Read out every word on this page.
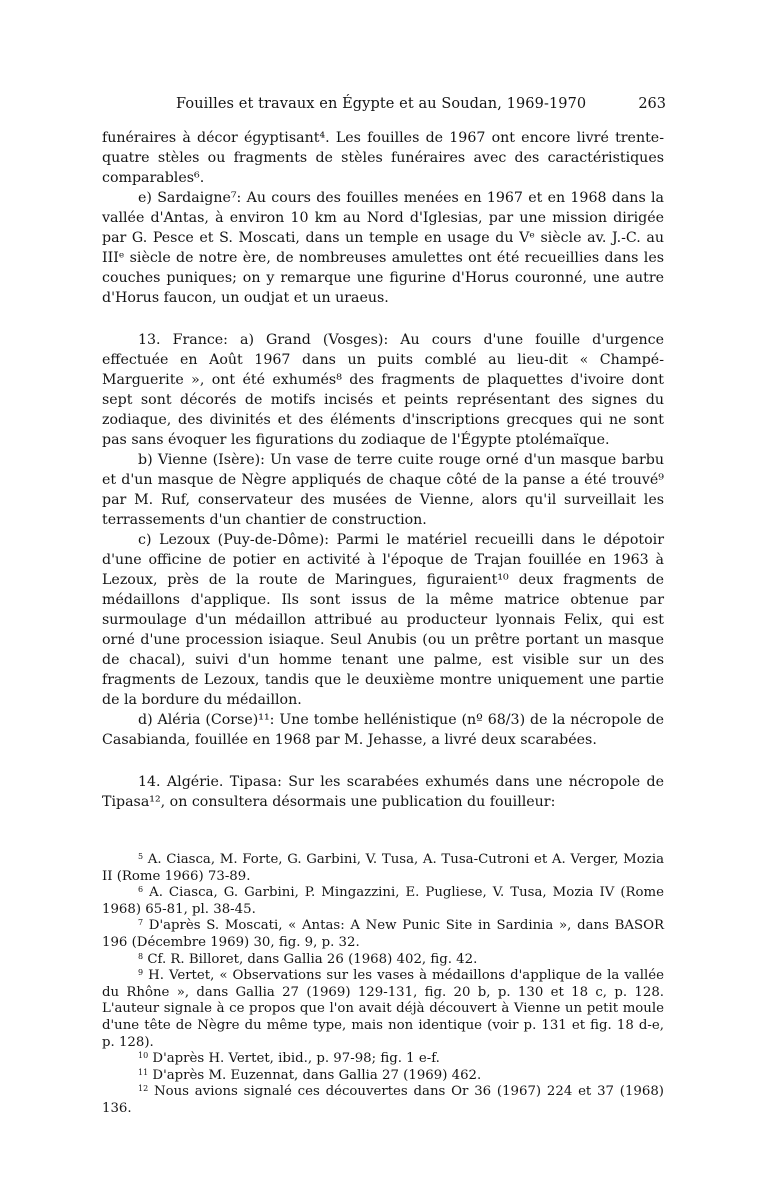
Fouilles et travaux en Égypte et au Soudan, 1969-1970	263

funéraires à décor égyptisant⁴. Les fouilles de 1967 ont encore livré trente-quatre stèles ou fragments de stèles funéraires avec des caractéristiques comparables⁶.

e) Sardaigne⁷: Au cours des fouilles menées en 1967 et en 1968 dans la vallée d'Antas, à environ 10 km au Nord d'Iglesias, par une mission dirigée par G. Pesce et S. Moscati, dans un temple en usage du Vᵉ siècle av. J.-C. au IIIᵉ siècle de notre ère, de nombreuses amulettes ont été recueillies dans les couches puniques; on y remarque une figurine d'Horus couronné, une autre d'Horus faucon, un oudjat et un uraeus.

13. France: a) Grand (Vosges): Au cours d'une fouille d'urgence effectuée en Août 1967 dans un puits comblé au lieu-dit « Champé-Marguerite », ont été exhumés⁸ des fragments de plaquettes d'ivoire dont sept sont décorés de motifs incisés et peints représentant des signes du zodiaque, des divinités et des éléments d'inscriptions grecques qui ne sont pas sans évoquer les figurations du zodiaque de l'Égypte ptolémaïque.

b) Vienne (Isère): Un vase de terre cuite rouge orné d'un masque barbu et d'un masque de Nègre appliqués de chaque côté de la panse a été trouvé⁹ par M. Ruf, conservateur des musées de Vienne, alors qu'il surveillait les terrassements d'un chantier de construction.

c) Lezoux (Puy-de-Dôme): Parmi le matériel recueilli dans le dépotoir d'une officine de potier en activité à l'époque de Trajan fouillée en 1963 à Lezoux, près de la route de Maringues, figuraient¹⁰ deux fragments de médaillons d'applique. Ils sont issus de la même matrice obtenue par surmoulage d'un médaillon attribué au producteur lyonnais Felix, qui est orné d'une procession isiaque. Seul Anubis (ou un prêtre portant un masque de chacal), suivi d'un homme tenant une palme, est visible sur un des fragments de Lezoux, tandis que le deuxième montre uniquement une partie de la bordure du médaillon.

d) Aléria (Corse)¹¹: Une tombe hellénistique (nº 68/3) de la nécropole de Casabianda, fouillée en 1968 par M. Jehasse, a livré deux scarabées.

14. Algérie. Tipasa: Sur les scarabées exhumés dans une nécropole de Tipasa¹², on consultera désormais une publication du fouilleur:

$^5$ A. Ciasca, M. Forte, G. Garbini, V. Tusa, A. Tusa-Cutroni et A. Verger, Mozia II (Rome 1966) 73-89.

$^6$ A. Ciasca, G. Garbini, P. Mingazzini, E. Pugliese, V. Tusa, Mozia IV (Rome 1968) 65-81, pl. 38-45.

$^7$ D'après S. Moscati, « Antas: A New Punic Site in Sardinia », dans BASOR 196 (Décembre 1969) 30, fig. 9, p. 32.

$^8$ Cf. R. Billoret, dans Gallia 26 (1968) 402, fig. 42.

$^9$ H. Vertet, « Observations sur les vases à médaillons d'applique de la vallée du Rhône », dans Gallia 27 (1969) 129-131, fig. 20 b, p. 130 et 18 c, p. 128. L'auteur signale à ce propos que l'on avait déjà découvert à Vienne un petit moule d'une tête de Nègre du même type, mais non identique (voir p. 131 et fig. 18 d-e, p. 128).

$^{10}$ D'après H. Vertet, ibid., p. 97-98; fig. 1 e-f.

$^{11}$ D'après M. Euzennat, dans Gallia 27 (1969) 462.

$^{12}$ Nous avions signalé ces découvertes dans Or 36 (1967) 224 et 37 (1968) 136.
